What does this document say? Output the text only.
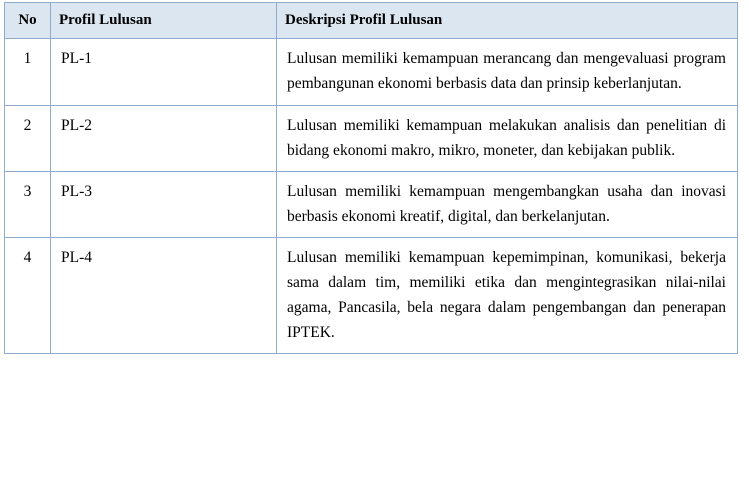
No	Profil Lulusan	Deskripsi Profil Lulusan
1	PL-1	Lulusan memiliki kemampuan merancang dan mengevaluasi program pembangunan ekonomi berbasis data dan prinsip keberlanjutan.
2	PL-2	Lulusan memiliki kemampuan melakukan analisis dan penelitian di bidang ekonomi makro, mikro, moneter, dan kebijakan publik.
3	PL-3	Lulusan memiliki kemampuan mengembangkan usaha dan inovasi berbasis ekonomi kreatif, digital, dan berkelanjutan.
4	PL-4	Lulusan memiliki kemampuan kepemimpinan, komunikasi, bekerja sama dalam tim, memiliki etika dan mengintegrasikan nilai-nilai agama, Pancasila, bela negara dalam pengembangan dan penerapan IPTEK.
